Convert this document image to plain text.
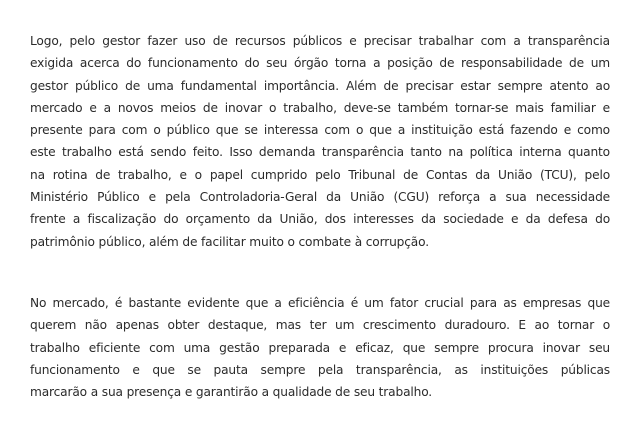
Logo, pelo gestor fazer uso de recursos públicos e precisar trabalhar com a transparência
exigida acerca do funcionamento do seu órgão torna a posição de responsabilidade de um
gestor público de uma fundamental importância. Além de precisar estar sempre atento ao
mercado e a novos meios de inovar o trabalho, deve-se também tornar-se mais familiar e
presente para com o público que se interessa com o que a instituição está fazendo e como
este trabalho está sendo feito. Isso demanda transparência tanto na política interna quanto
na rotina de trabalho, e o papel cumprido pelo Tribunal de Contas da União (TCU), pelo
Ministério Público e pela Controladoria-Geral da União (CGU) reforça a sua necessidade
frente a fiscalização do orçamento da União, dos interesses da sociedade e da defesa do
patrimônio público, além de facilitar muito o combate à corrupção.
No mercado, é bastante evidente que a eficiência é um fator crucial para as empresas que
querem não apenas obter destaque, mas ter um crescimento duradouro. E ao tornar o
trabalho eficiente com uma gestão preparada e eficaz, que sempre procura inovar seu
funcionamento e que se pauta sempre pela transparência, as instituições públicas
marcarão a sua presença e garantirão a qualidade de seu trabalho.
